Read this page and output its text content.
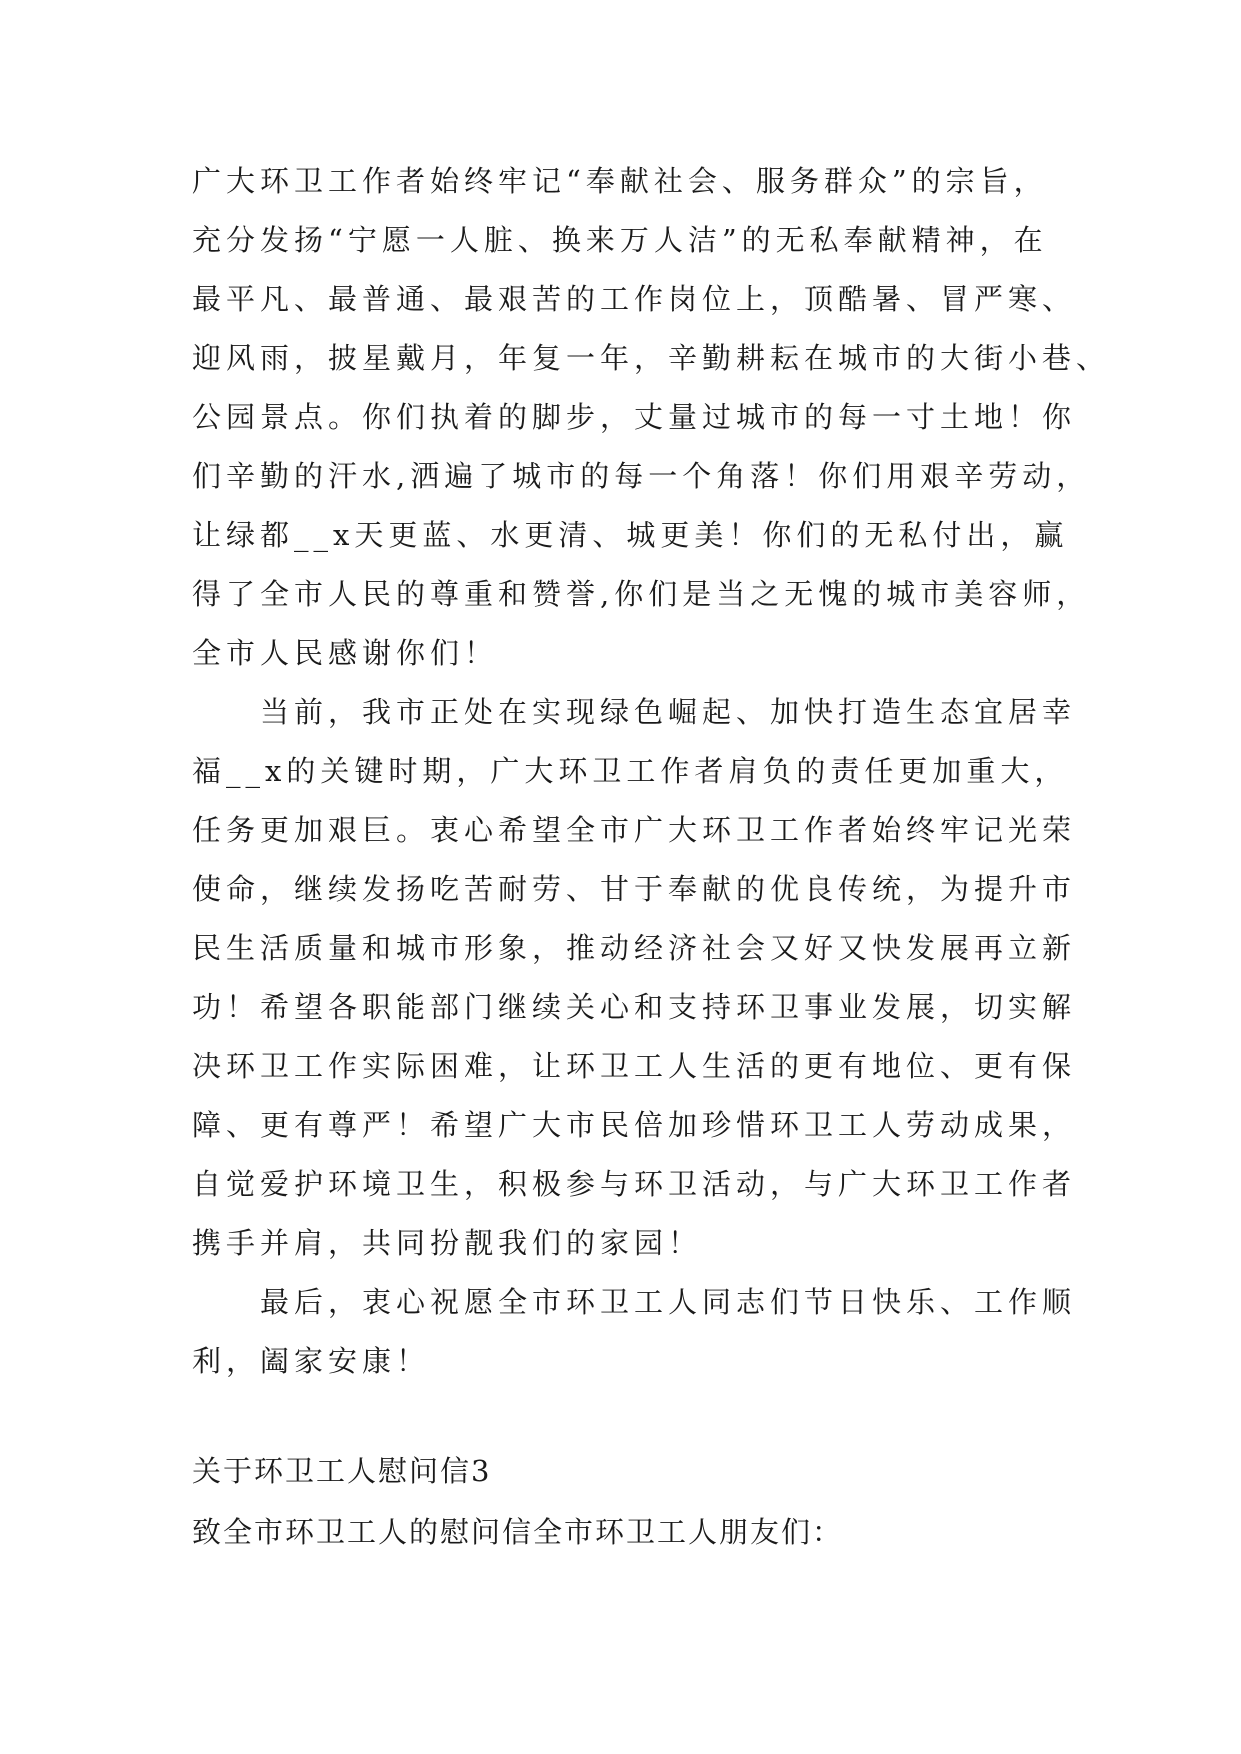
广大环卫工作者始终牢记“奉献社会、服务群众”的宗旨，
充分发扬“宁愿一人脏、换来万人洁”的无私奉献精神，在
最平凡、最普通、最艰苦的工作岗位上，顶酷暑、冒严寒、
迎风雨，披星戴月，年复一年，辛勤耕耘在城市的大街小巷、
公园景点。你们执着的脚步，丈量过城市的每一寸土地！你
们辛勤的汗水,洒遍了城市的每一个角落！你们用艰辛劳动，
让绿都__x天更蓝、水更清、城更美！你们的无私付出，赢
得了全市人民的尊重和赞誉,你们是当之无愧的城市美容师，
全市人民感谢你们！
当前，我市正处在实现绿色崛起、加快打造生态宜居幸
福__x的关键时期，广大环卫工作者肩负的责任更加重大，
任务更加艰巨。衷心希望全市广大环卫工作者始终牢记光荣
使命，继续发扬吃苦耐劳、甘于奉献的优良传统，为提升市
民生活质量和城市形象，推动经济社会又好又快发展再立新
功！希望各职能部门继续关心和支持环卫事业发展，切实解
决环卫工作实际困难，让环卫工人生活的更有地位、更有保
障、更有尊严！希望广大市民倍加珍惜环卫工人劳动成果，
自觉爱护环境卫生，积极参与环卫活动，与广大环卫工作者
携手并肩，共同扮靓我们的家园！
最后，衷心祝愿全市环卫工人同志们节日快乐、工作顺
利，阖家安康！
关于环卫工人慰问信3
致全市环卫工人的慰问信全市环卫工人朋友们：
